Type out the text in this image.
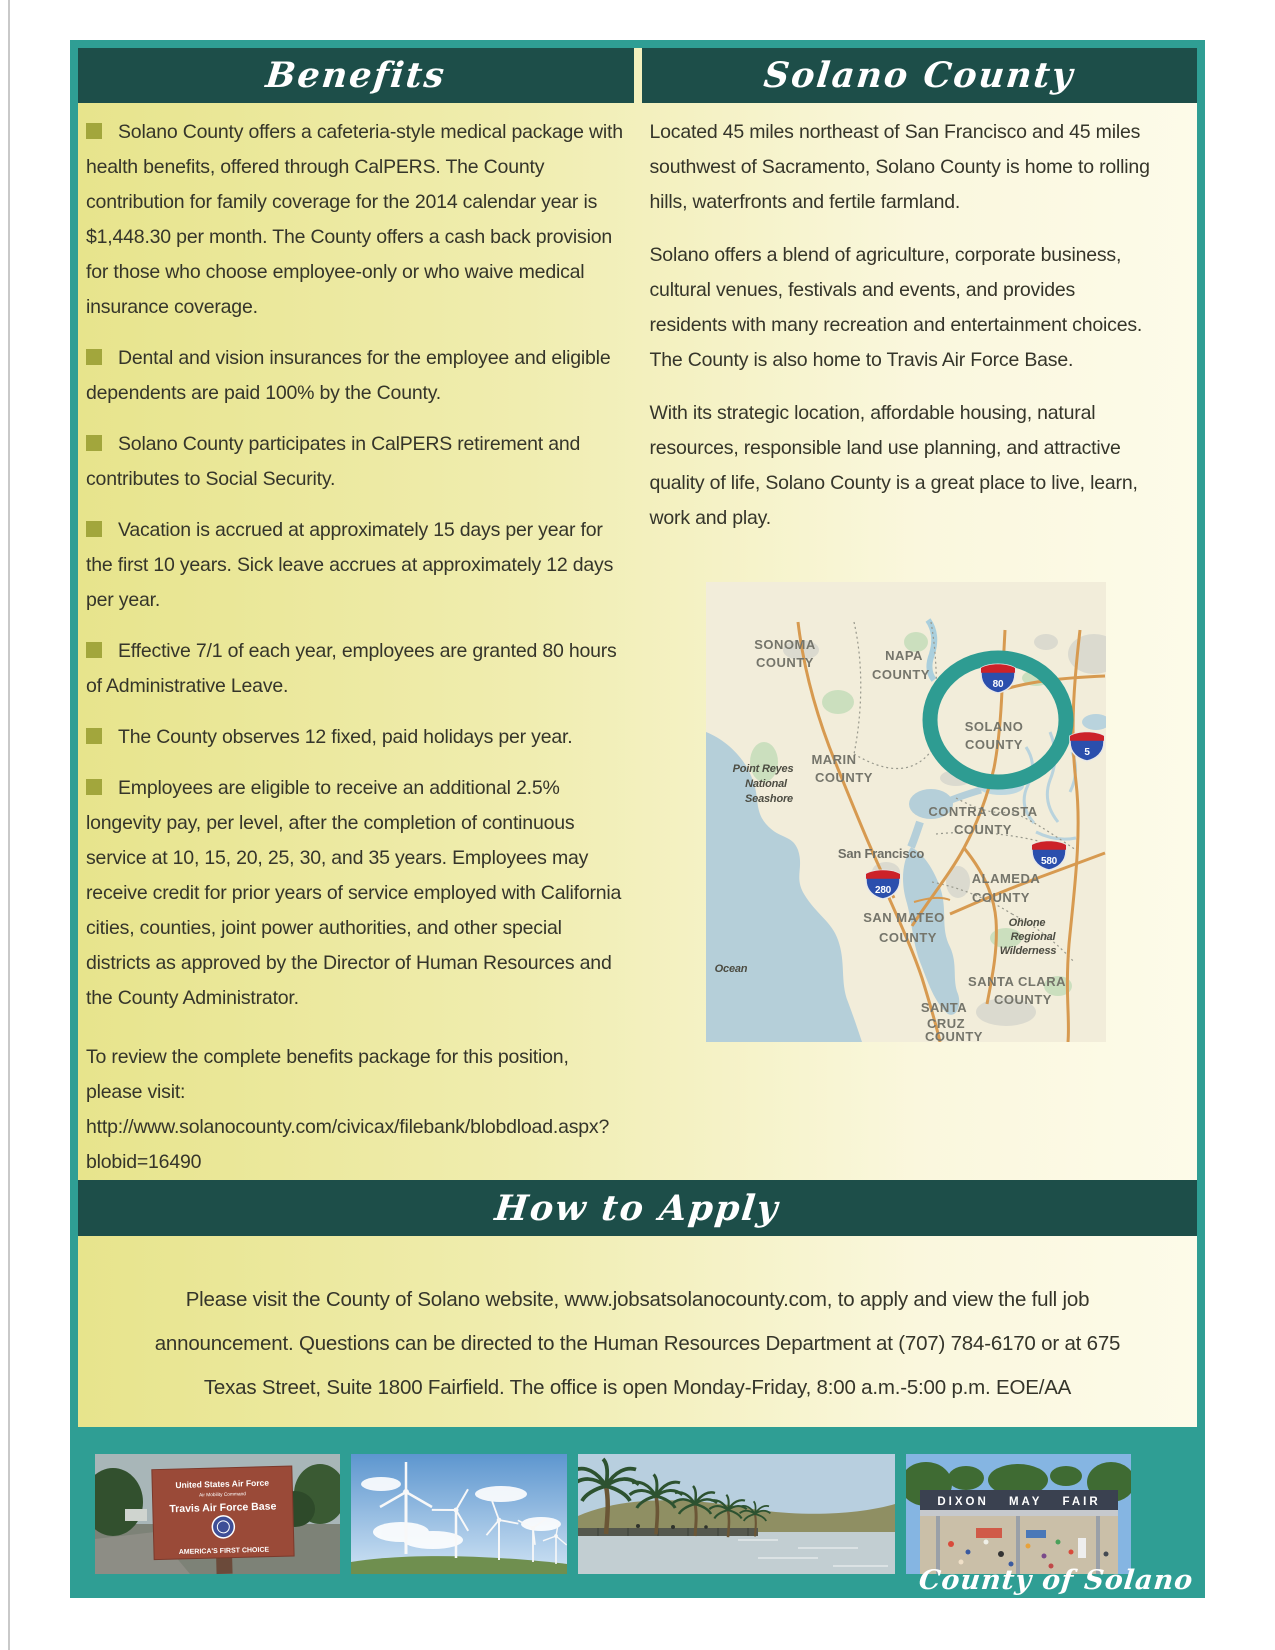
Benefits
Solano County offers a cafeteria-style medical package with health benefits, offered through CalPERS. The County contribution for family coverage for the 2014 calendar year is $1,448.30 per month. The County offers a cash back provision for those who choose employee-only or who waive medical insurance coverage.
Dental and vision insurances for the employee and eligible dependents are paid 100% by the County.
Solano County participates in CalPERS retirement and contributes to Social Security.
Vacation is accrued at approximately 15 days per year for the first 10 years. Sick leave accrues at approximately 12 days per year.
Effective 7/1 of each year, employees are granted 80 hours of Administrative Leave.
The County observes 12 fixed, paid holidays per year.
Employees are eligible to receive an additional 2.5% longevity pay, per level, after the completion of continuous service at 10, 15, 20, 25, 30, and 35 years. Employees may receive credit for prior years of service employed with California cities, counties, joint power authorities, and other special districts as approved by the Director of Human Resources and the County Administrator.

To review the complete benefits package for this position, please visit: http://www.solanocounty.com/civicax/filebank/blobdload.aspx?blobid=16490

Solano County

Located 45 miles northeast of San Francisco and 45 miles southwest of Sacramento, Solano County is home to rolling hills, waterfronts and fertile farmland.

Solano offers a blend of agriculture, corporate business, cultural venues, festivals and events, and provides residents with many recreation and entertainment choices. The County is also home to Travis Air Force Base.

With its strategic location, affordable housing, natural resources, responsible land use planning, and attractive quality of life, Solano County is a great place to live, learn, work and play.

80
5
280
580
SONOMA
COUNTY	NAPA
COUNTY
SOLANO
COUNTY
MARIN
COUNTY
Point Reyes
National
Seashore
CONTRA COSTA
COUNTY
San Francisco
ALAMEDA
COUNTY
Ohlone
Regional
Wilderness
SAN MATEO
COUNTY
Ocean
SANTA CLARA
COUNTY
SANTA
CRUZ
COUNTY
How to Apply

Please visit the County of Solano website, www.jobsatsolanocounty.com, to apply and view the full job announcement. Questions can be directed to the Human Resources Department at (707) 784-6170 or at 675 Texas Street, Suite 1800 Fairfield. The office is open Monday-Friday, 8:00 a.m.-5:00 p.m. EOE/AA

United States Air Force
Air Mobility Command
Travis Air Force Base
AMERICA'S FIRST CHOICE
DIXON MAY FAIR
County of Solano
